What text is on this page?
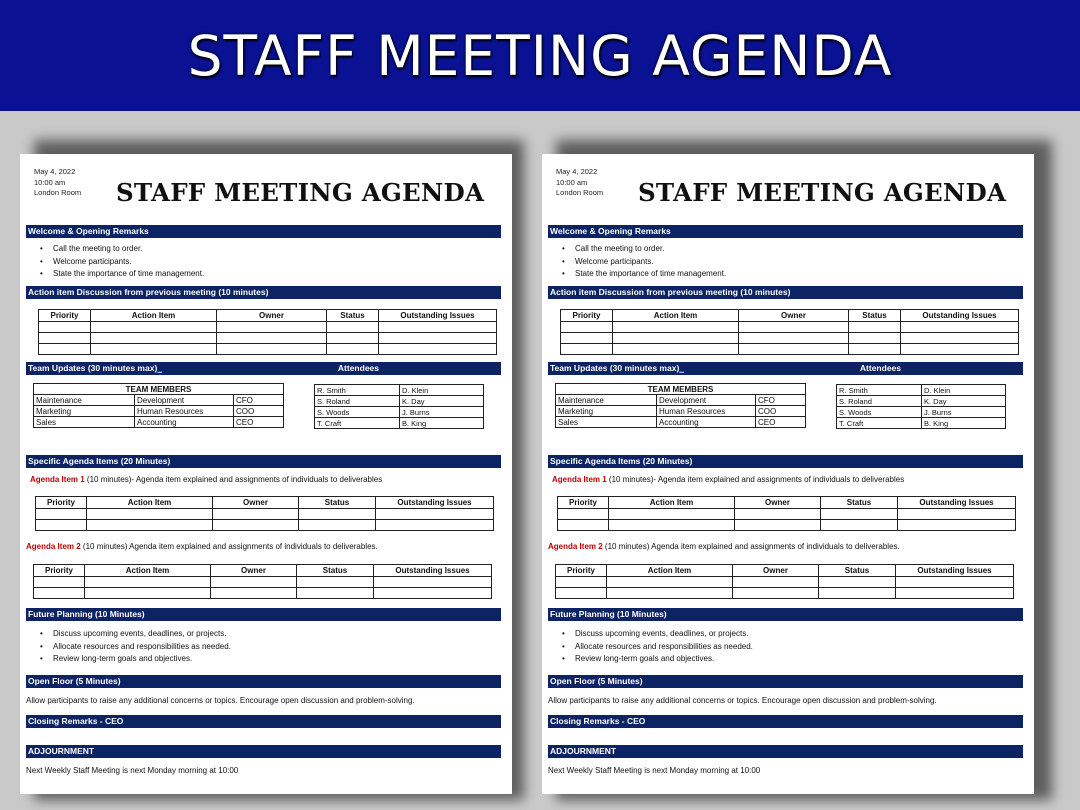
STAFF MEETING AGENDA
May 4, 2022
10:00 am
London Room STAFF MEETING AGENDA
Welcome & Opening Remarks
• Call the meeting to order.
• Welcome participants.
• State the importance of time management.
Action item Discussion from previous meeting (10 minutes)
Priority	Action Item	Owner	Status	Outstanding Issues

Team Updates (30 minutes max) _	Attendees
TEAM MEMBERS		
Maintenance	Development	CFO
Marketing	Human Resources	COO
Sales	Accounting	CEO
R. Smith	D. Klein
S. Roland	K. Day
S. Woods	J. Burns
T. Craft	B. King
Specific Agenda Items (20 Minutes)
Agenda Item 1 (10 minutes)- Agenda item explained and assignments of individuals to deliverables
Priority	Action Item	Owner	Status	Outstanding Issues

Agenda Item 2 (10 minutes) Agenda item explained and assignments of individuals to deliverables.
Priority	Action Item	Owner	Status	Outstanding Issues

Future Planning (10 Minutes)
• Discuss upcoming events, deadlines, or projects.
• Allocate resources and responsibilities as needed.
• Review long-term goals and objectives.
Open Floor (5 Minutes)
Allow participants to raise any additional concerns or topics. Encourage open discussion and problem-solving.
Closing Remarks - CEO
ADJOURNMENT
Next Weekly Staff Meeting is next Monday morning at 10:00
May 4, 2022
10:00 am
London Room STAFF MEETING AGENDA
Welcome & Opening Remarks
• Call the meeting to order.
• Welcome participants.
• State the importance of time management.
Action item Discussion from previous meeting (10 minutes)
Priority	Action Item	Owner	Status	Outstanding Issues

Team Updates (30 minutes max) _	Attendees
TEAM MEMBERS		
Maintenance	Development	CFO
Marketing	Human Resources	COO
Sales	Accounting	CEO
R. Smith	D. Klein
S. Roland	K. Day
S. Woods	J. Burns
T. Craft	B. King
Specific Agenda Items (20 Minutes)
Agenda Item 1 (10 minutes)- Agenda item explained and assignments of individuals to deliverables
Priority	Action Item	Owner	Status	Outstanding Issues

Agenda Item 2 (10 minutes) Agenda item explained and assignments of individuals to deliverables.
Priority	Action Item	Owner	Status	Outstanding Issues

Future Planning (10 Minutes)
• Discuss upcoming events, deadlines, or projects.
• Allocate resources and responsibilities as needed.
• Review long-term goals and objectives.
Open Floor (5 Minutes)
Allow participants to raise any additional concerns or topics. Encourage open discussion and problem-solving.
Closing Remarks - CEO
ADJOURNMENT
Next Weekly Staff Meeting is next Monday morning at 10:00
